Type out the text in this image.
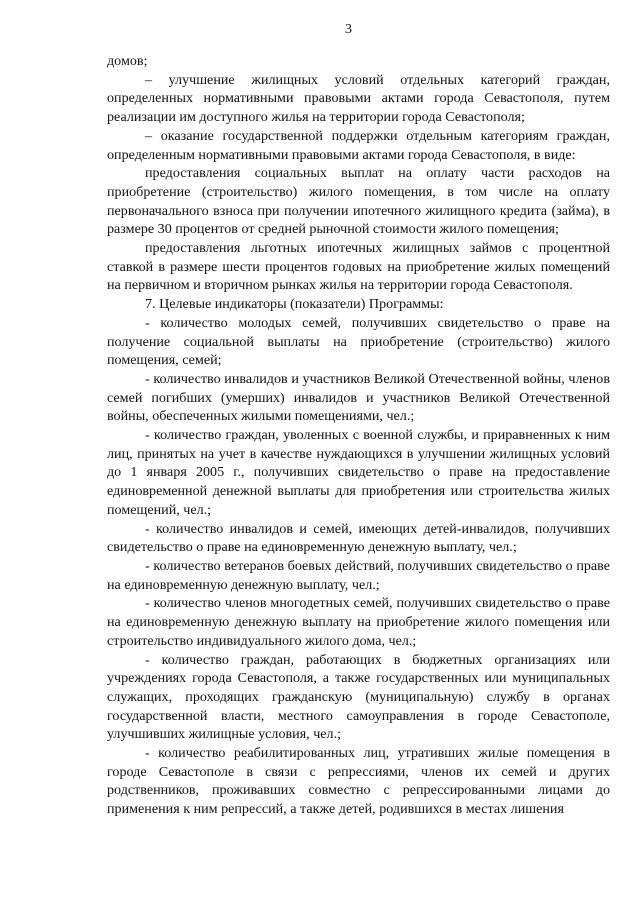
3

домов;

– улучшение жилищных условий отдельных категорий граждан, определенных нормативными правовыми актами города Севастополя, путем реализации им доступного жилья на территории города Севастополя;

– оказание государственной поддержки отдельным категориям граждан, определенным нормативными правовыми актами города Севастополя, в виде:

предоставления социальных выплат на оплату части расходов на приобретение (строительство) жилого помещения, в том числе на оплату первоначального взноса при получении ипотечного жилищного кредита (займа), в размере 30 процентов от средней рыночной стоимости жилого помещения;

предоставления льготных ипотечных жилищных займов с процентной ставкой в размере шести процентов годовых на приобретение жилых помещений на первичном и вторичном рынках жилья на территории города Севастополя.

7. Целевые индикаторы (показатели) Программы:

- количество молодых семей, получивших свидетельство о праве на получение социальной выплаты на приобретение (строительство) жилого помещения, семей;

- количество инвалидов и участников Великой Отечественной войны, членов семей погибших (умерших) инвалидов и участников Великой Отечественной войны, обеспеченных жилыми помещениями, чел.;

- количество граждан, уволенных с военной службы, и приравненных к ним лиц, принятых на учет в качестве нуждающихся в улучшении жилищных условий до 1 января 2005 г., получивших свидетельство о праве на предоставление единовременной денежной выплаты для приобретения или строительства жилых помещений, чел.;

- количество инвалидов и семей, имеющих детей-инвалидов, получивших свидетельство о праве на единовременную денежную выплату, чел.;

- количество ветеранов боевых действий, получивших свидетельство о праве на единовременную денежную выплату, чел.;

- количество членов многодетных семей, получивших свидетельство о праве на единовременную денежную выплату на приобретение жилого помещения или строительство индивидуального жилого дома, чел.;

- количество граждан, работающих в бюджетных организациях или учреждениях города Севастополя, а также государственных или муниципальных служащих, проходящих гражданскую (муниципальную) службу в органах государственной власти, местного самоуправления в городе Севастополе, улучшивших жилищные условия, чел.;

- количество реабилитированных лиц, утративших жилые помещения в городе Севастополе в связи с репрессиями, членов их семей и других родственников, проживавших совместно с репрессированными лицами до применения к ним репрессий, а также детей, родившихся в местах лишения
